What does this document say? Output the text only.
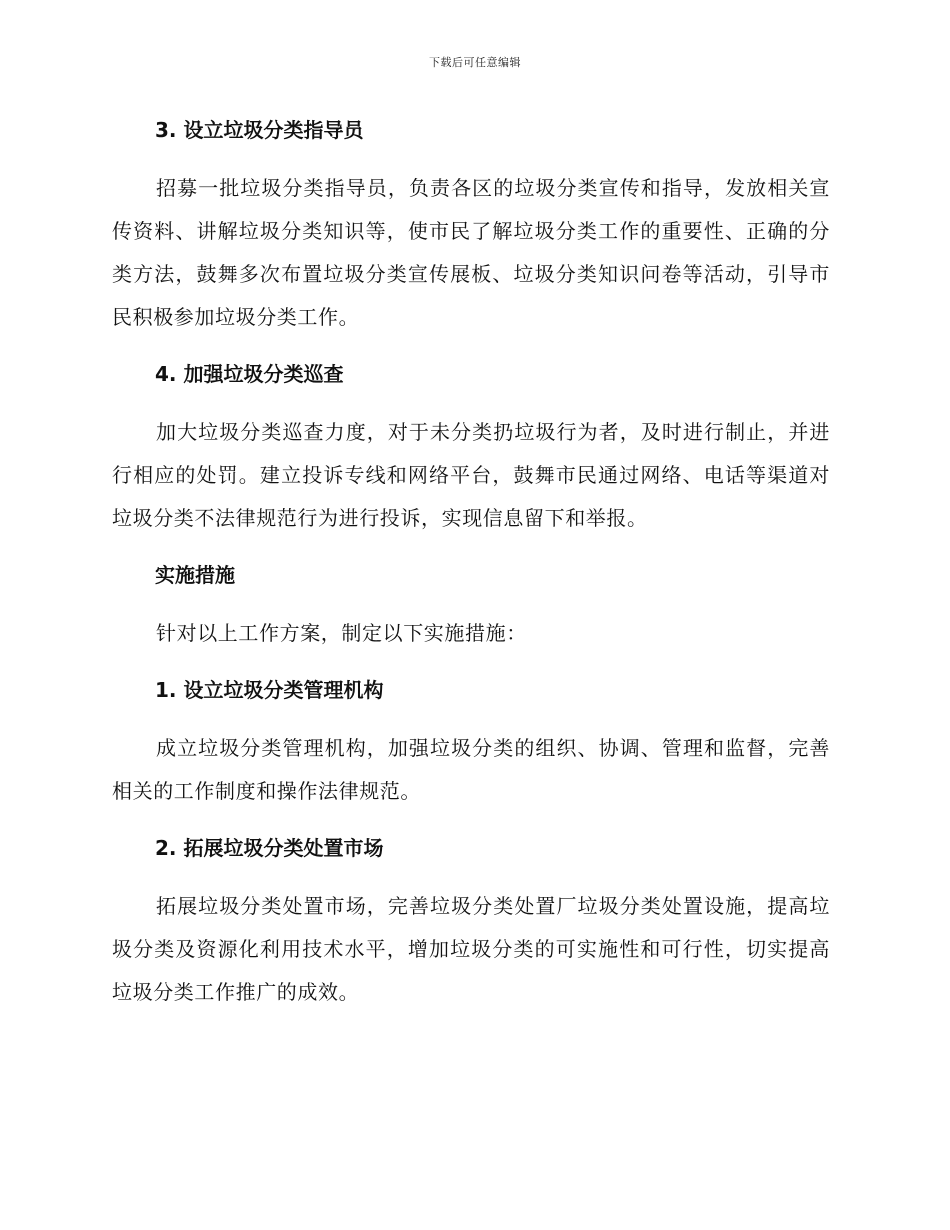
下载后可任意编辑
3. 设立垃圾分类指导员

招募一批垃圾分类指导员，负责各区的垃圾分类宣传和指导，发放相关宣传资料、讲解垃圾分类知识等，使市民了解垃圾分类工作的重要性、正确的分类方法，鼓舞多次布置垃圾分类宣传展板、垃圾分类知识问卷等活动，引导市民积极参加垃圾分类工作。

4. 加强垃圾分类巡查

加大垃圾分类巡查力度，对于未分类扔垃圾行为者，及时进行制止，并进行相应的处罚。建立投诉专线和网络平台，鼓舞市民通过网络、电话等渠道对垃圾分类不法律规范行为进行投诉，实现信息留下和举报。

实施措施

针对以上工作方案，制定以下实施措施：

1. 设立垃圾分类管理机构

成立垃圾分类管理机构，加强垃圾分类的组织、协调、管理和监督，完善相关的工作制度和操作法律规范。

2. 拓展垃圾分类处置市场

拓展垃圾分类处置市场，完善垃圾分类处置厂垃圾分类处置设施，提高垃圾分类及资源化利用技术水平，增加垃圾分类的可实施性和可行性，切实提高垃圾分类工作推广的成效。
